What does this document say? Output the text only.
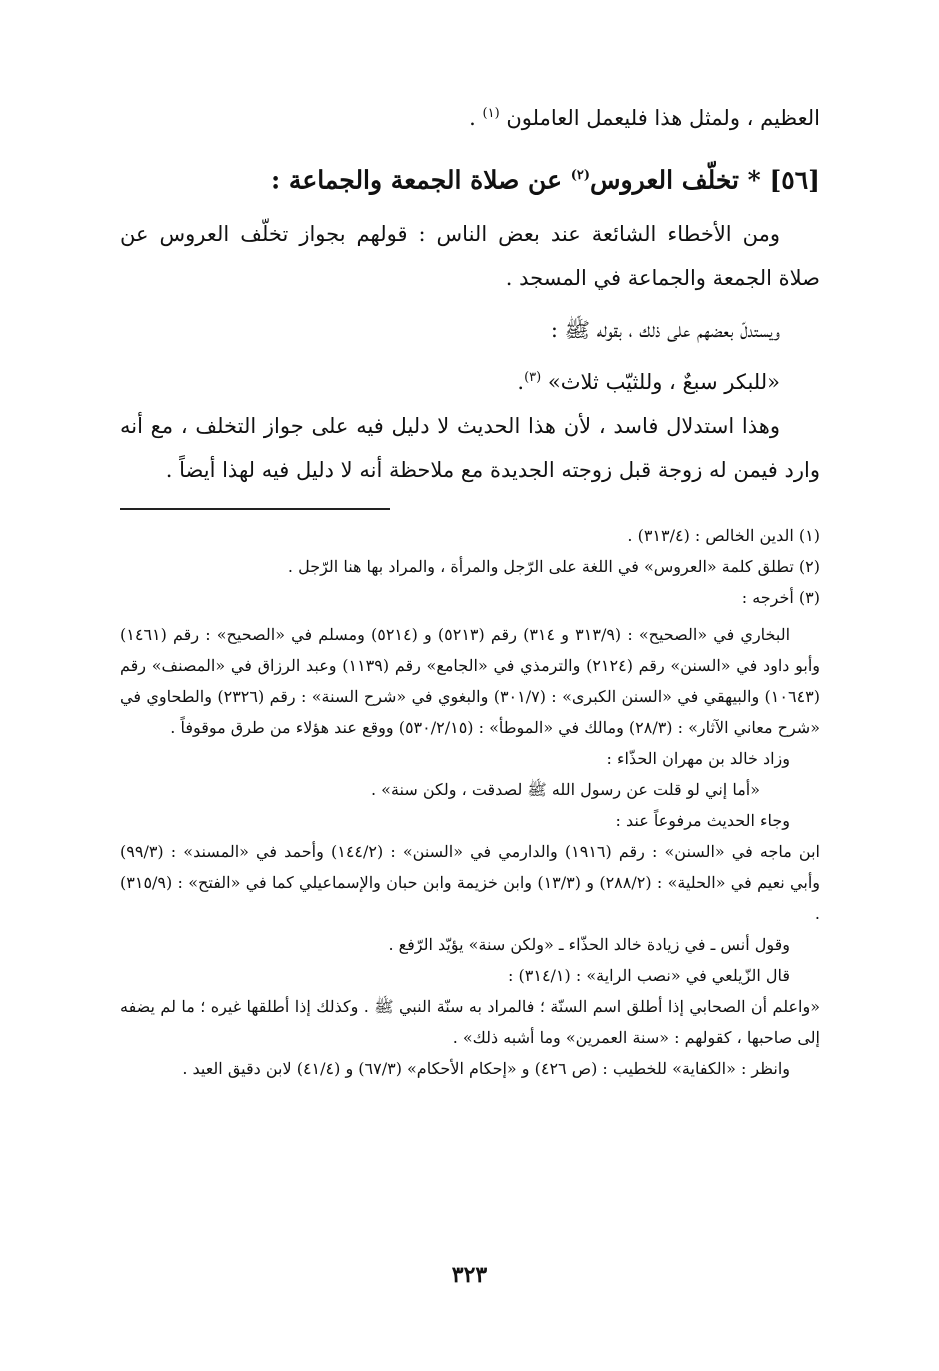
العظيم ، ولمثل هذا فليعمل العاملون $^{(١)}$ .

[٥٦] * تخلّف العروس$^{(٢)}$ عن صلاة الجمعة والجماعة :

ومن الأخطاء الشائعة عند بعض الناس : قولهم بجواز تخلّف العروس عن صلاة الجمعة والجماعة في المسجد .

ويستدلّ بعضهم على ذلك ، بقوله ﷺ :

«للبكر سبعٌ ، وللثيّب ثلاث» $^{(٣)}$.

وهذا استدلال فاسد ، لأن هذا الحديث لا دليل فيه على جواز التخلف ، مع أنه وارد فيمن له زوجة قبل زوجته الجديدة مع ملاحظة أنه لا دليل فيه لهذا أيضاً .

(١) الدين الخالص : (٣١٣/٤) .

(٢) تطلق كلمة «العروس» في اللغة على الرّجل والمرأة ، والمراد بها هنا الرّجل .

(٣) أخرجه :

البخاري في «الصحيح» : (٣١٣/٩ و ٣١٤) رقم (٥٢١٣) و (٥٢١٤) ومسلم في «الصحيح» : رقم (١٤٦١) وأبو داود في «السنن» رقم (٢١٢٤) والترمذي في «الجامع» رقم (١١٣٩) وعبد الرزاق في «المصنف» رقم (١٠٦٤٣) والبيهقي في «السنن الكبرى» : (٣٠١/٧) والبغوي في «شرح السنة» : رقم (٢٣٢٦) والطحاوي في «شرح معاني الآثار» : (٢٨/٣) ومالك في «الموطأ» : (٥٣٠/٢/١٥) ووقع عند هؤلاء من طرق موقوفاً .

وزاد خالد بن مهران الحذّاء :

«أما إني لو قلت عن رسول الله ﷺ لصدقت ، ولكن سنة» .

وجاء الحديث مرفوعاً عند :

ابن ماجه في «السنن» : رقم (١٩١٦) والدارمي في «السنن» : (١٤٤/٢) وأحمد في «المسند» : (٩٩/٣) وأبي نعيم في «الحلية» : (٢٨٨/٢) و (١٣/٣) وابن خزيمة وابن حبان والإسماعيلي كما في «الفتح» : (٣١٥/٩) .

وقول أنس ـ في زيادة خالد الحذّاء ـ «ولكن سنة» يؤيّد الرّفع .

قال الزّيلعي في «نصب الراية» : (٣١٤/١) :

«واعلم أن الصحابي إذا أطلق اسم السنّة ؛ فالمراد به سنّة النبي ﷺ . وكذلك إذا أطلقها غيره ؛ ما لم يضفه إلى صاحبها ، كقولهم : «سنة العمرين» وما أشبه ذلك» .

وانظر : «الكفاية» للخطيب : (ص ٤٢٦) و «إحكام الأحكام» (٦٧/٣) و (٤١/٤) لابن دقيق العيد .

٣٢٣
